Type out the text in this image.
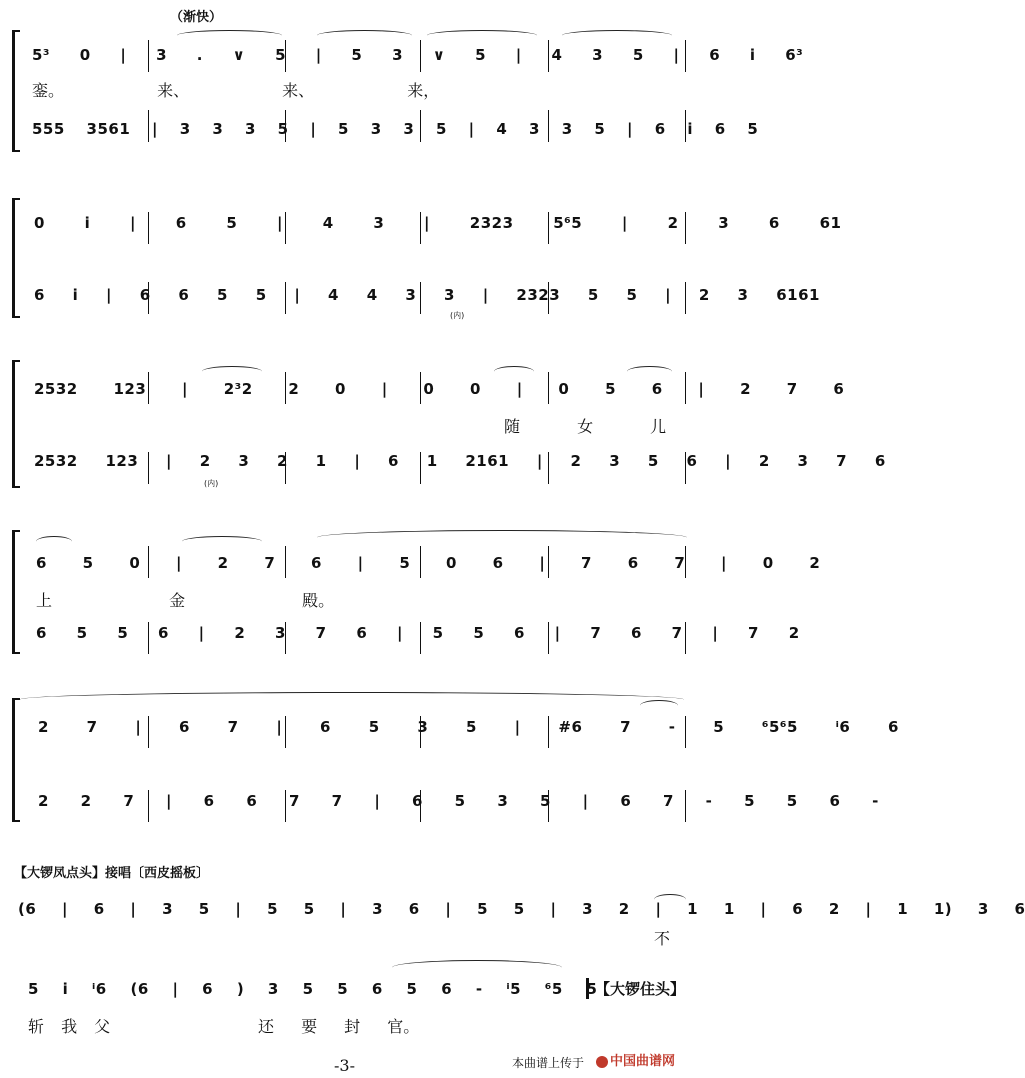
（渐快）
5³ 0 | 3 . ∨ 5 | 5 3 ∨ 5 | 4 3 5 | 6 i 6³
銮。 来、 来、 来，
555 3561 | 3 3 3 5 | 5 3 3 5 | 4 3 3 5 | 6 i 6 5
0 i | 6 5 | 4 3 | 2323 5⁶5 | 2 3 6 61
6 i | 6 6 5 5 | 4 4 3 3 | 2323 5 5 | 2 3 6161
(内)
2532 123 | 2³2 2 0 | 0 0 | 0 5 6 | 2 7 6
随 女 儿
2532 123 | 2 3 2 1 | 6 1 2161 | 2 3 5 6 | 2 3 7 6
(内)
6 5 0 | 2 7 6 | 5 0 6 | 7 6 7 | 0 2
上 金 殿。
6 5 5 6 | 2 3 7 6 | 5 5 6 | 7 6 7 | 7 2
2 7 | 6 7 | 6 5 3 5 | #6 7 - 5 ⁶5⁶5 ⁱ6 6
2 2 7 | 6 6 7 7 | 6 5 3 5 | 6 7 - 5 5 6 -
【大锣凤点头】接唱〔西皮摇板〕
(6 | 6 | 3 5 | 5 5 | 3 6 | 5 5 | 3 2 | 1 1 | 6 2 | 1 1) 3 6
不
5 i ⁱ6 (6 | 6 ) 3 5 5 6 5 6 - ⁱ5 ⁶5 5
斩 我 父	还 要 封 官。
【大锣住头】
-3-	本曲谱上传于	中国曲谱网
